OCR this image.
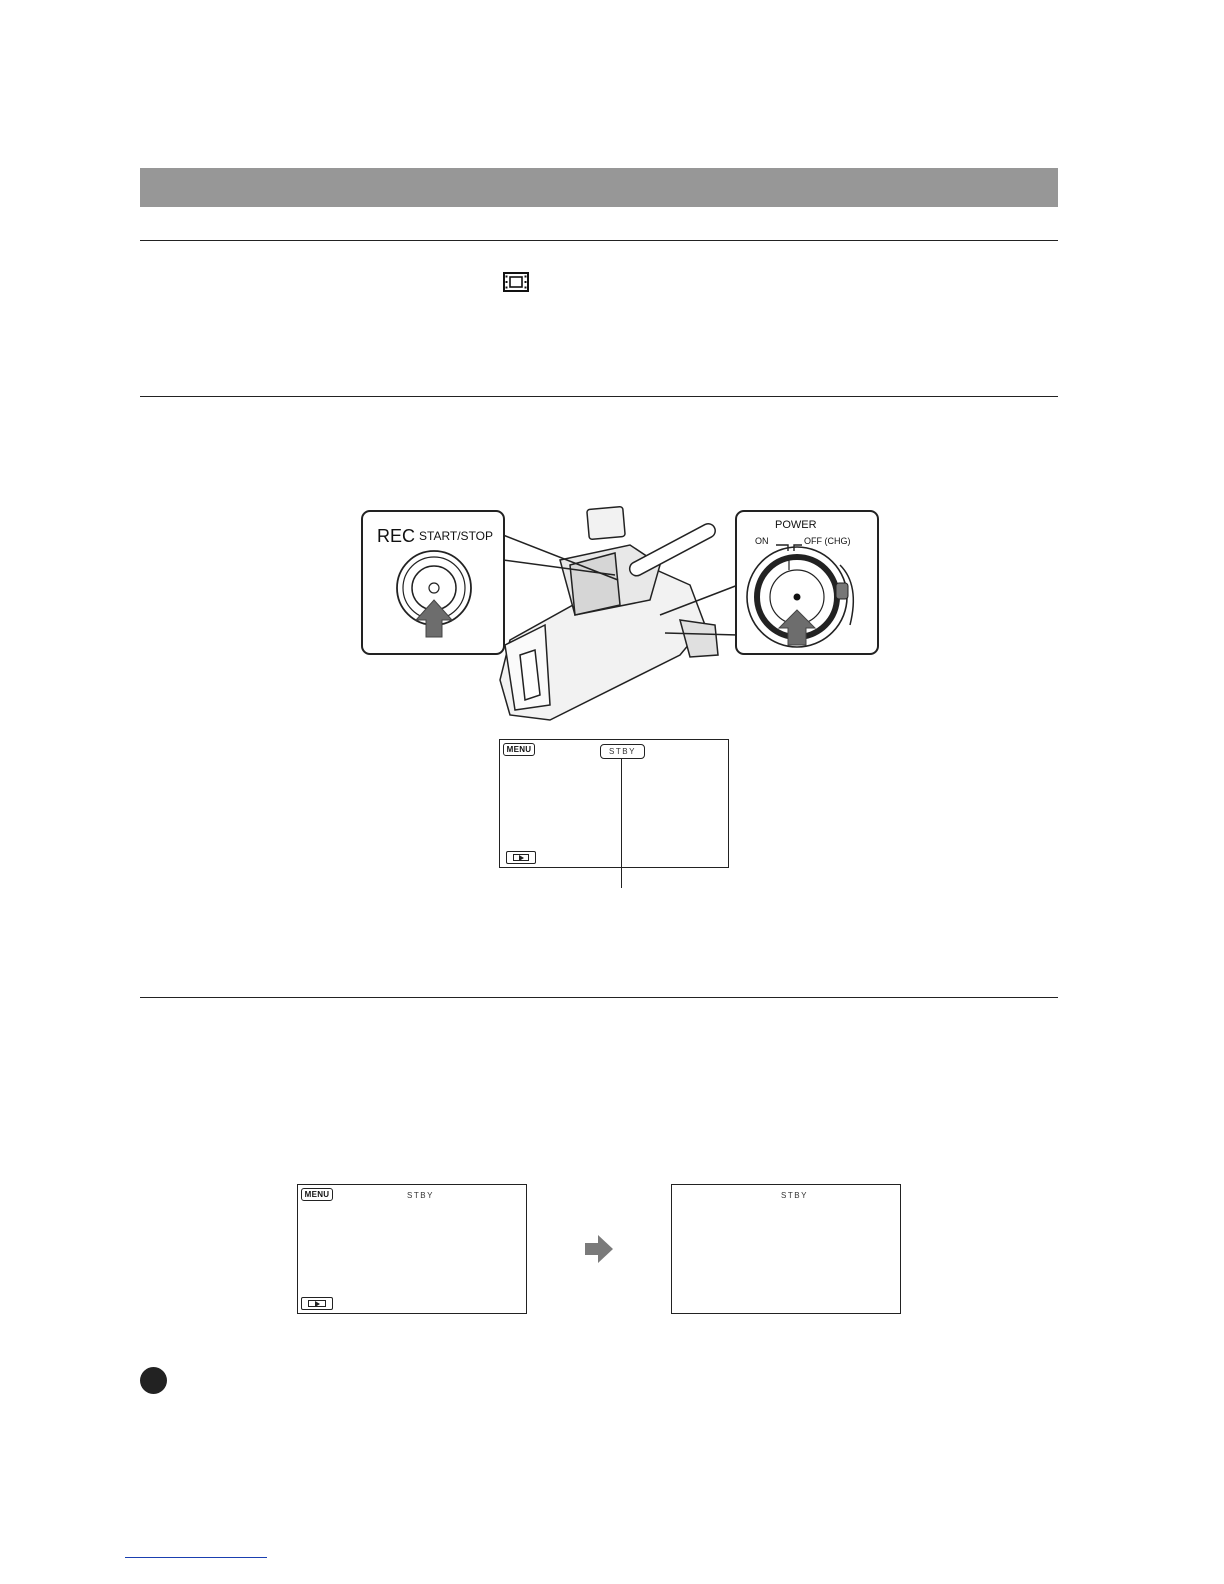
REC START/STOP
POWER
ON	OFF (CHG)
MENU	STBY
MENU	STBY	STBY
